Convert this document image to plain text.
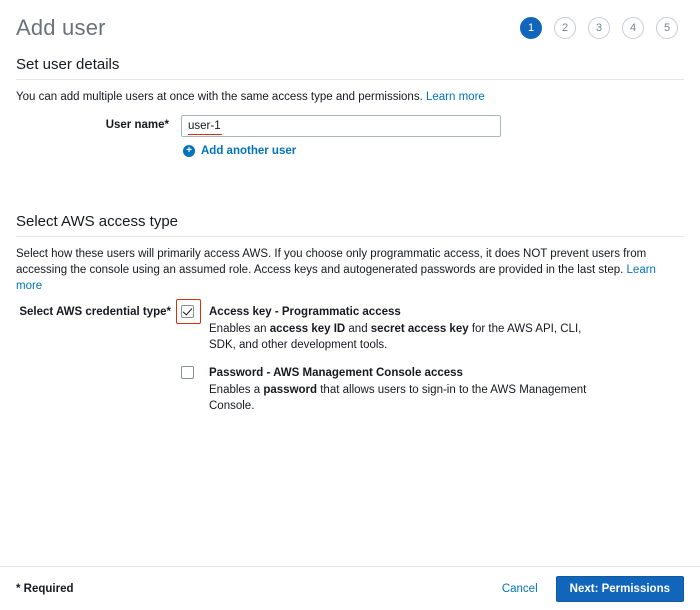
Add user	1	2	3	4	5
Set user details
You can add multiple users at once with the same access type and permissions. Learn more
User name*
user-1
+ Add another user
Select AWS access type
Select how these users will primarily access AWS. If you choose only programmatic access, it does NOT prevent users from accessing the console using an assumed role. Access keys and autogenerated passwords are provided in the last step. Learn more
Select AWS credential type*	Access key - Programmatic access
Enables an access key ID and secret access key for the AWS API, CLI, SDK, and other development tools.
Password - AWS Management Console access
Enables a password that allows users to sign-in to the AWS Management Console.
* Required	Cancel	Next: Permissions
